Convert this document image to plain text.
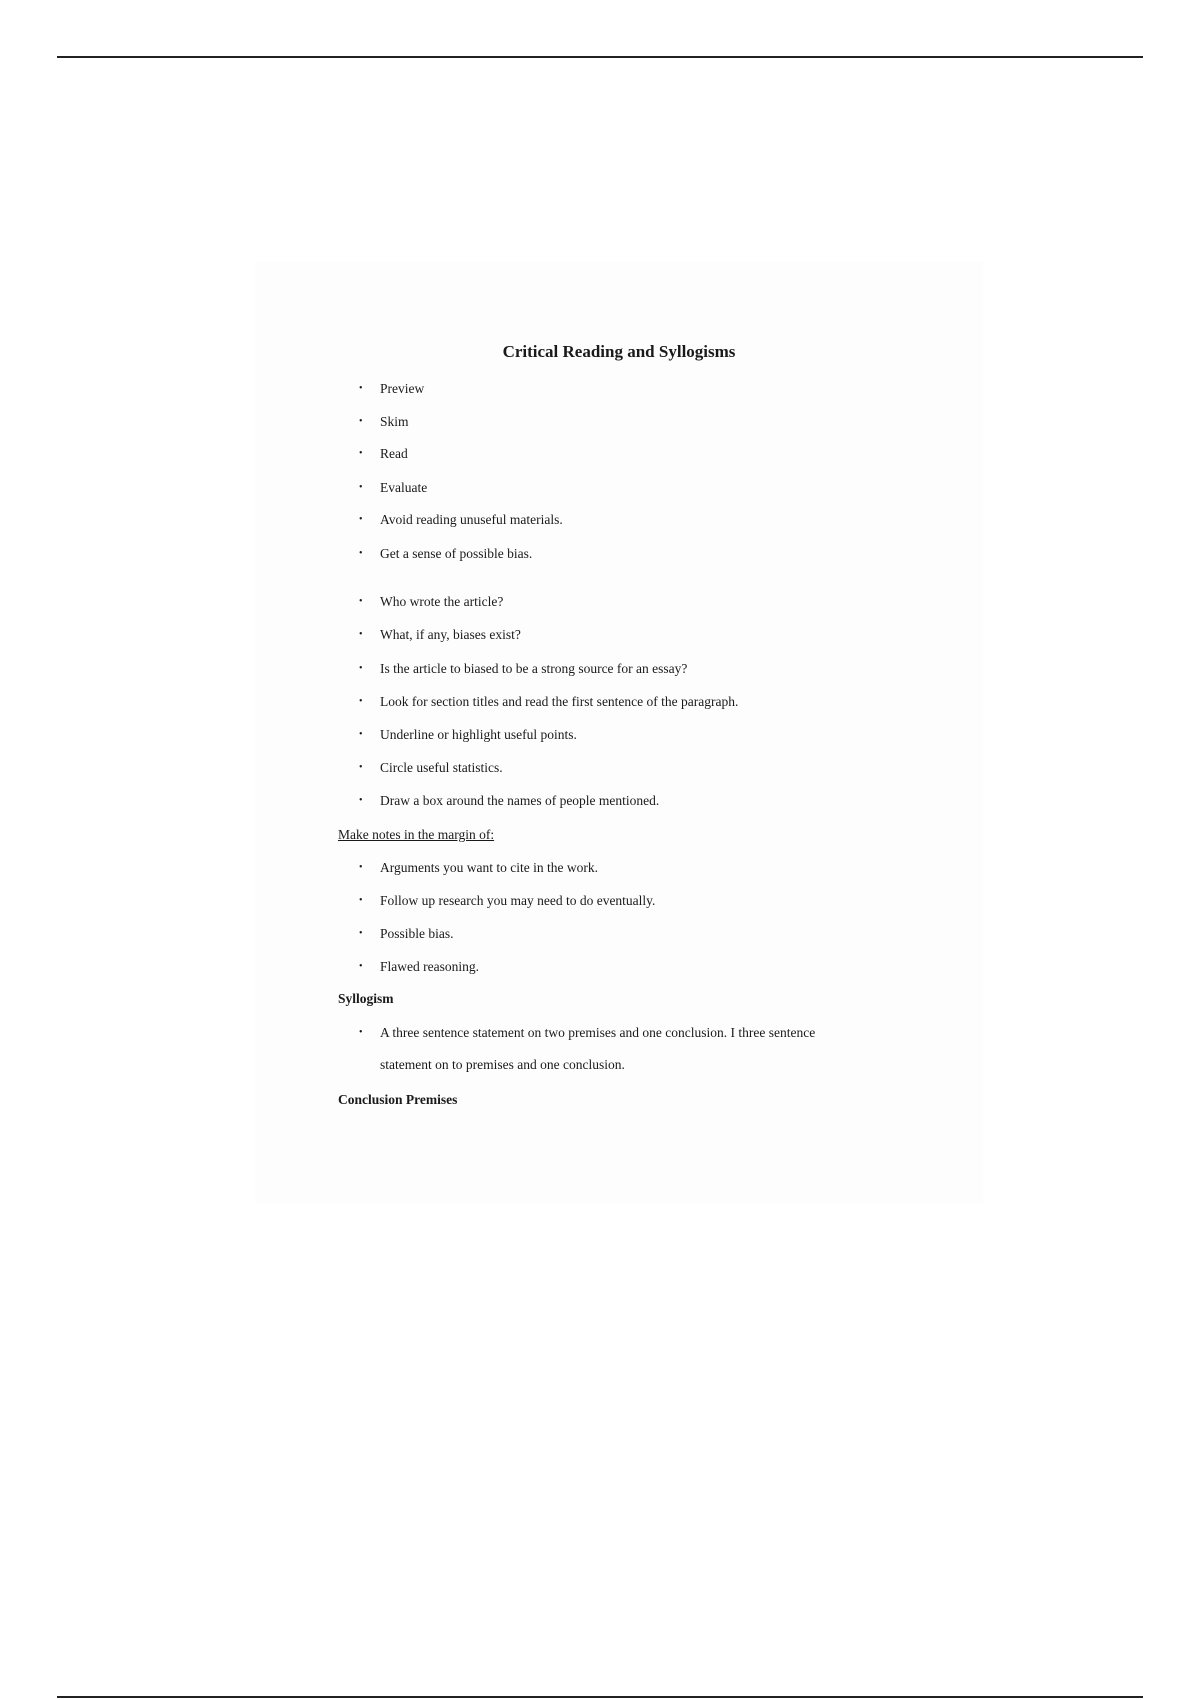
Critical Reading and Syllogisms
• Preview
• Skim
• Read
• Evaluate
• Avoid reading unuseful materials.
• Get a sense of possible bias.
• Who wrote the article?
• What, if any, biases exist?
• Is the article to biased to be a strong source for an essay?
• Look for section titles and read the first sentence of the paragraph.
• Underline or highlight useful points.
• Circle useful statistics.
• Draw a box around the names of people mentioned.
Make notes in the margin of:
• Arguments you want to cite in the work.
• Follow up research you may need to do eventually.
• Possible bias.
• Flawed reasoning.
Syllogism
• A three sentence statement on two premises and one conclusion. I three sentence
statement on to premises and one conclusion.
Conclusion Premises
